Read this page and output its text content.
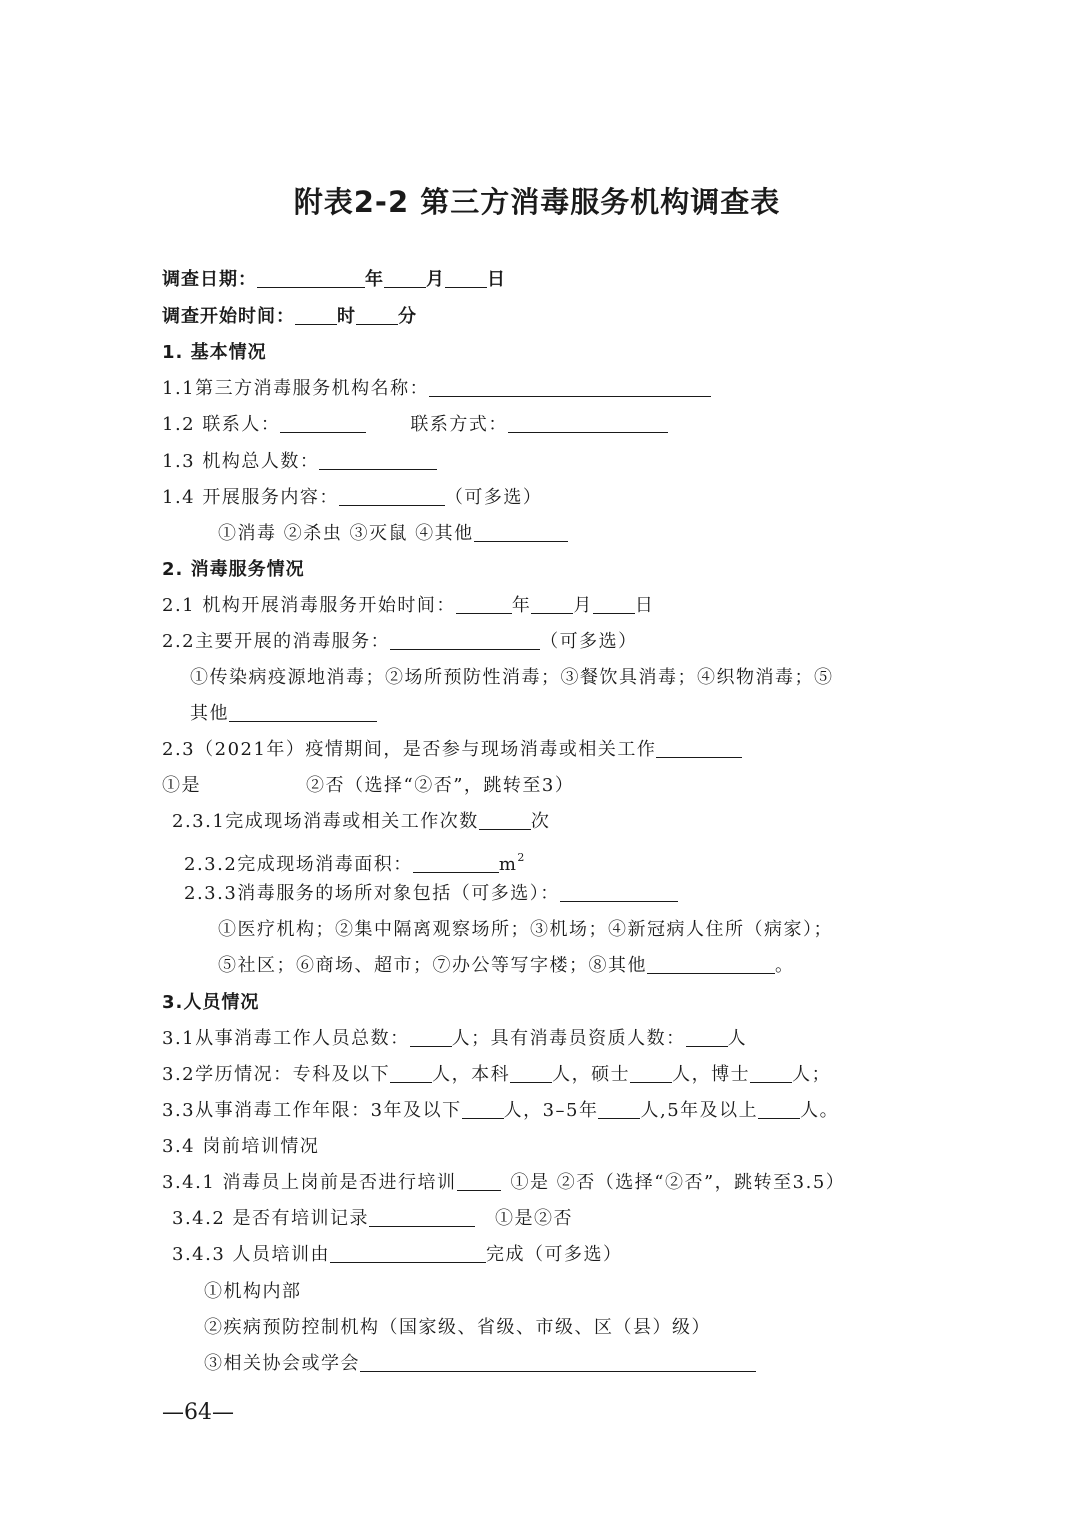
附表2-2 第三方消毒服务机构调查表
调查日期：	年 月 日
调查开始时间： 时 分
1. 基本情况
1.1第三方消毒服务机构名称：
1.2 联系人：	联系方式：
1.3 机构总人数：
1.4 开展服务内容：	（可多选）
①消毒 ②杀虫 ③灭鼠 ④其他
2. 消毒服务情况
2.1 机构开展消毒服务开始时间：	年 月 日
2.2主要开展的消毒服务：	（可多选）
①传染病疫源地消毒；②场所预防性消毒；③餐饮具消毒；④织物消毒；⑤
其他
2.3（2021年）疫情期间，是否参与现场消毒或相关工作
①是	②否（选择“②否”，跳转至3）
2.3.1完成现场消毒或相关工作次数	次
2.3.2完成现场消毒面积：	$m^2$
2.3.3消毒服务的场所对象包括（可多选）：
①医疗机构；②集中隔离观察场所；③机场；④新冠病人住所（病家）；
⑤社区；⑥商场、超市；⑦办公等写字楼；⑧其他	。
3.人员情况
3.1从事消毒工作人员总数： 人；具有消毒员资质人数： 人
3.2学历情况：专科及以下 人，本科 人，硕士 人，博士 人；
3.3从事消毒工作年限：3年及以下 人，3–5年 人,5年及以上 人。
3.4 岗前培训情况
3.4.1 消毒员上岗前是否进行培训	①是 ②否（选择“②否”，跳转至3.5）
3.4.2 是否有培训记录	①是②否
3.4.3 人员培训由	完成（可多选）
①机构内部
②疾病预防控制机构（国家级、省级、市级、区（县）级）
③相关协会或学会
—64—
